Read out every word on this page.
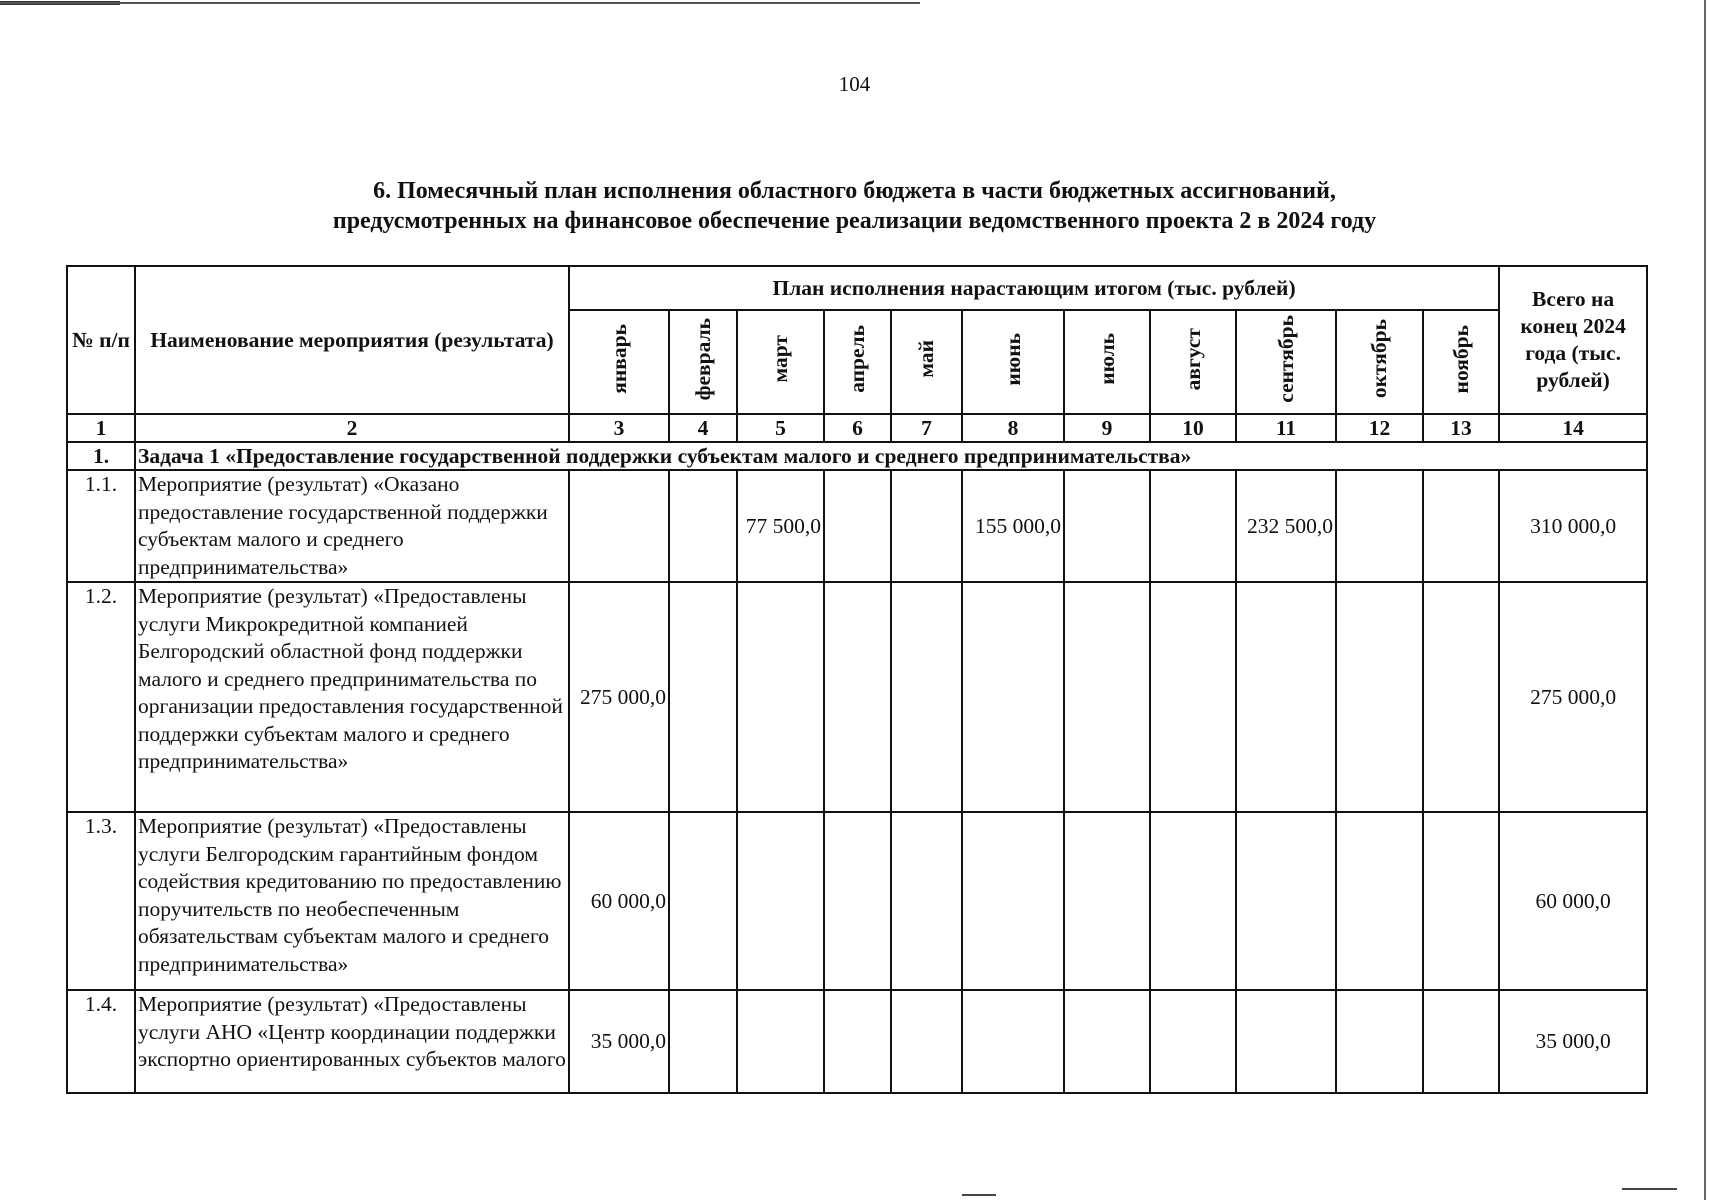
104
6. Помесячный план исполнения областного бюджета в части бюджетных ассигнований,
предусмотренных на финансовое обеспечение реализации ведомственного проекта 2 в 2024 году
№ п/п	Наименование мероприятия (результата)	План исполнения нарастающим итогом (тыс. рублей)											Всего на конец 2024 года (тыс. рублей)
		январь	февраль	март	апрель	май	июнь	июль	август	сентябрь	октябрь	ноябрь	
1	2	3	4	5	6	7	8	9	10	11	12	13	14
1.	Задача 1 «Предоставление государственной поддержки субъектам малого и среднего предпринимательства»												
1.1.	Мероприятие (результат) «Оказано предоставление государственной поддержки субъектам малого и среднего предпринимательства»			77 500,0			155 000,0			232 500,0			310 000,0
1.2.	Мероприятие (результат) «Предоставлены услуги Микрокредитной компанией Белгородский областной фонд поддержки малого и среднего предпринимательства по организации предоставления государственной поддержки субъектам малого и среднего предпринимательства»	275 000,0											275 000,0
1.3.	Мероприятие (результат) «Предоставлены услуги Белгородским гарантийным фондом содействия кредитованию по предоставлению поручительств по необеспеченным обязательствам субъектам малого и среднего предпринимательства»	60 000,0											60 000,0
1.4.	Мероприятие (результат) «Предоставлены услуги АНО «Центр координации поддержки экспортно ориентированных субъектов малого	35 000,0											35 000,0
